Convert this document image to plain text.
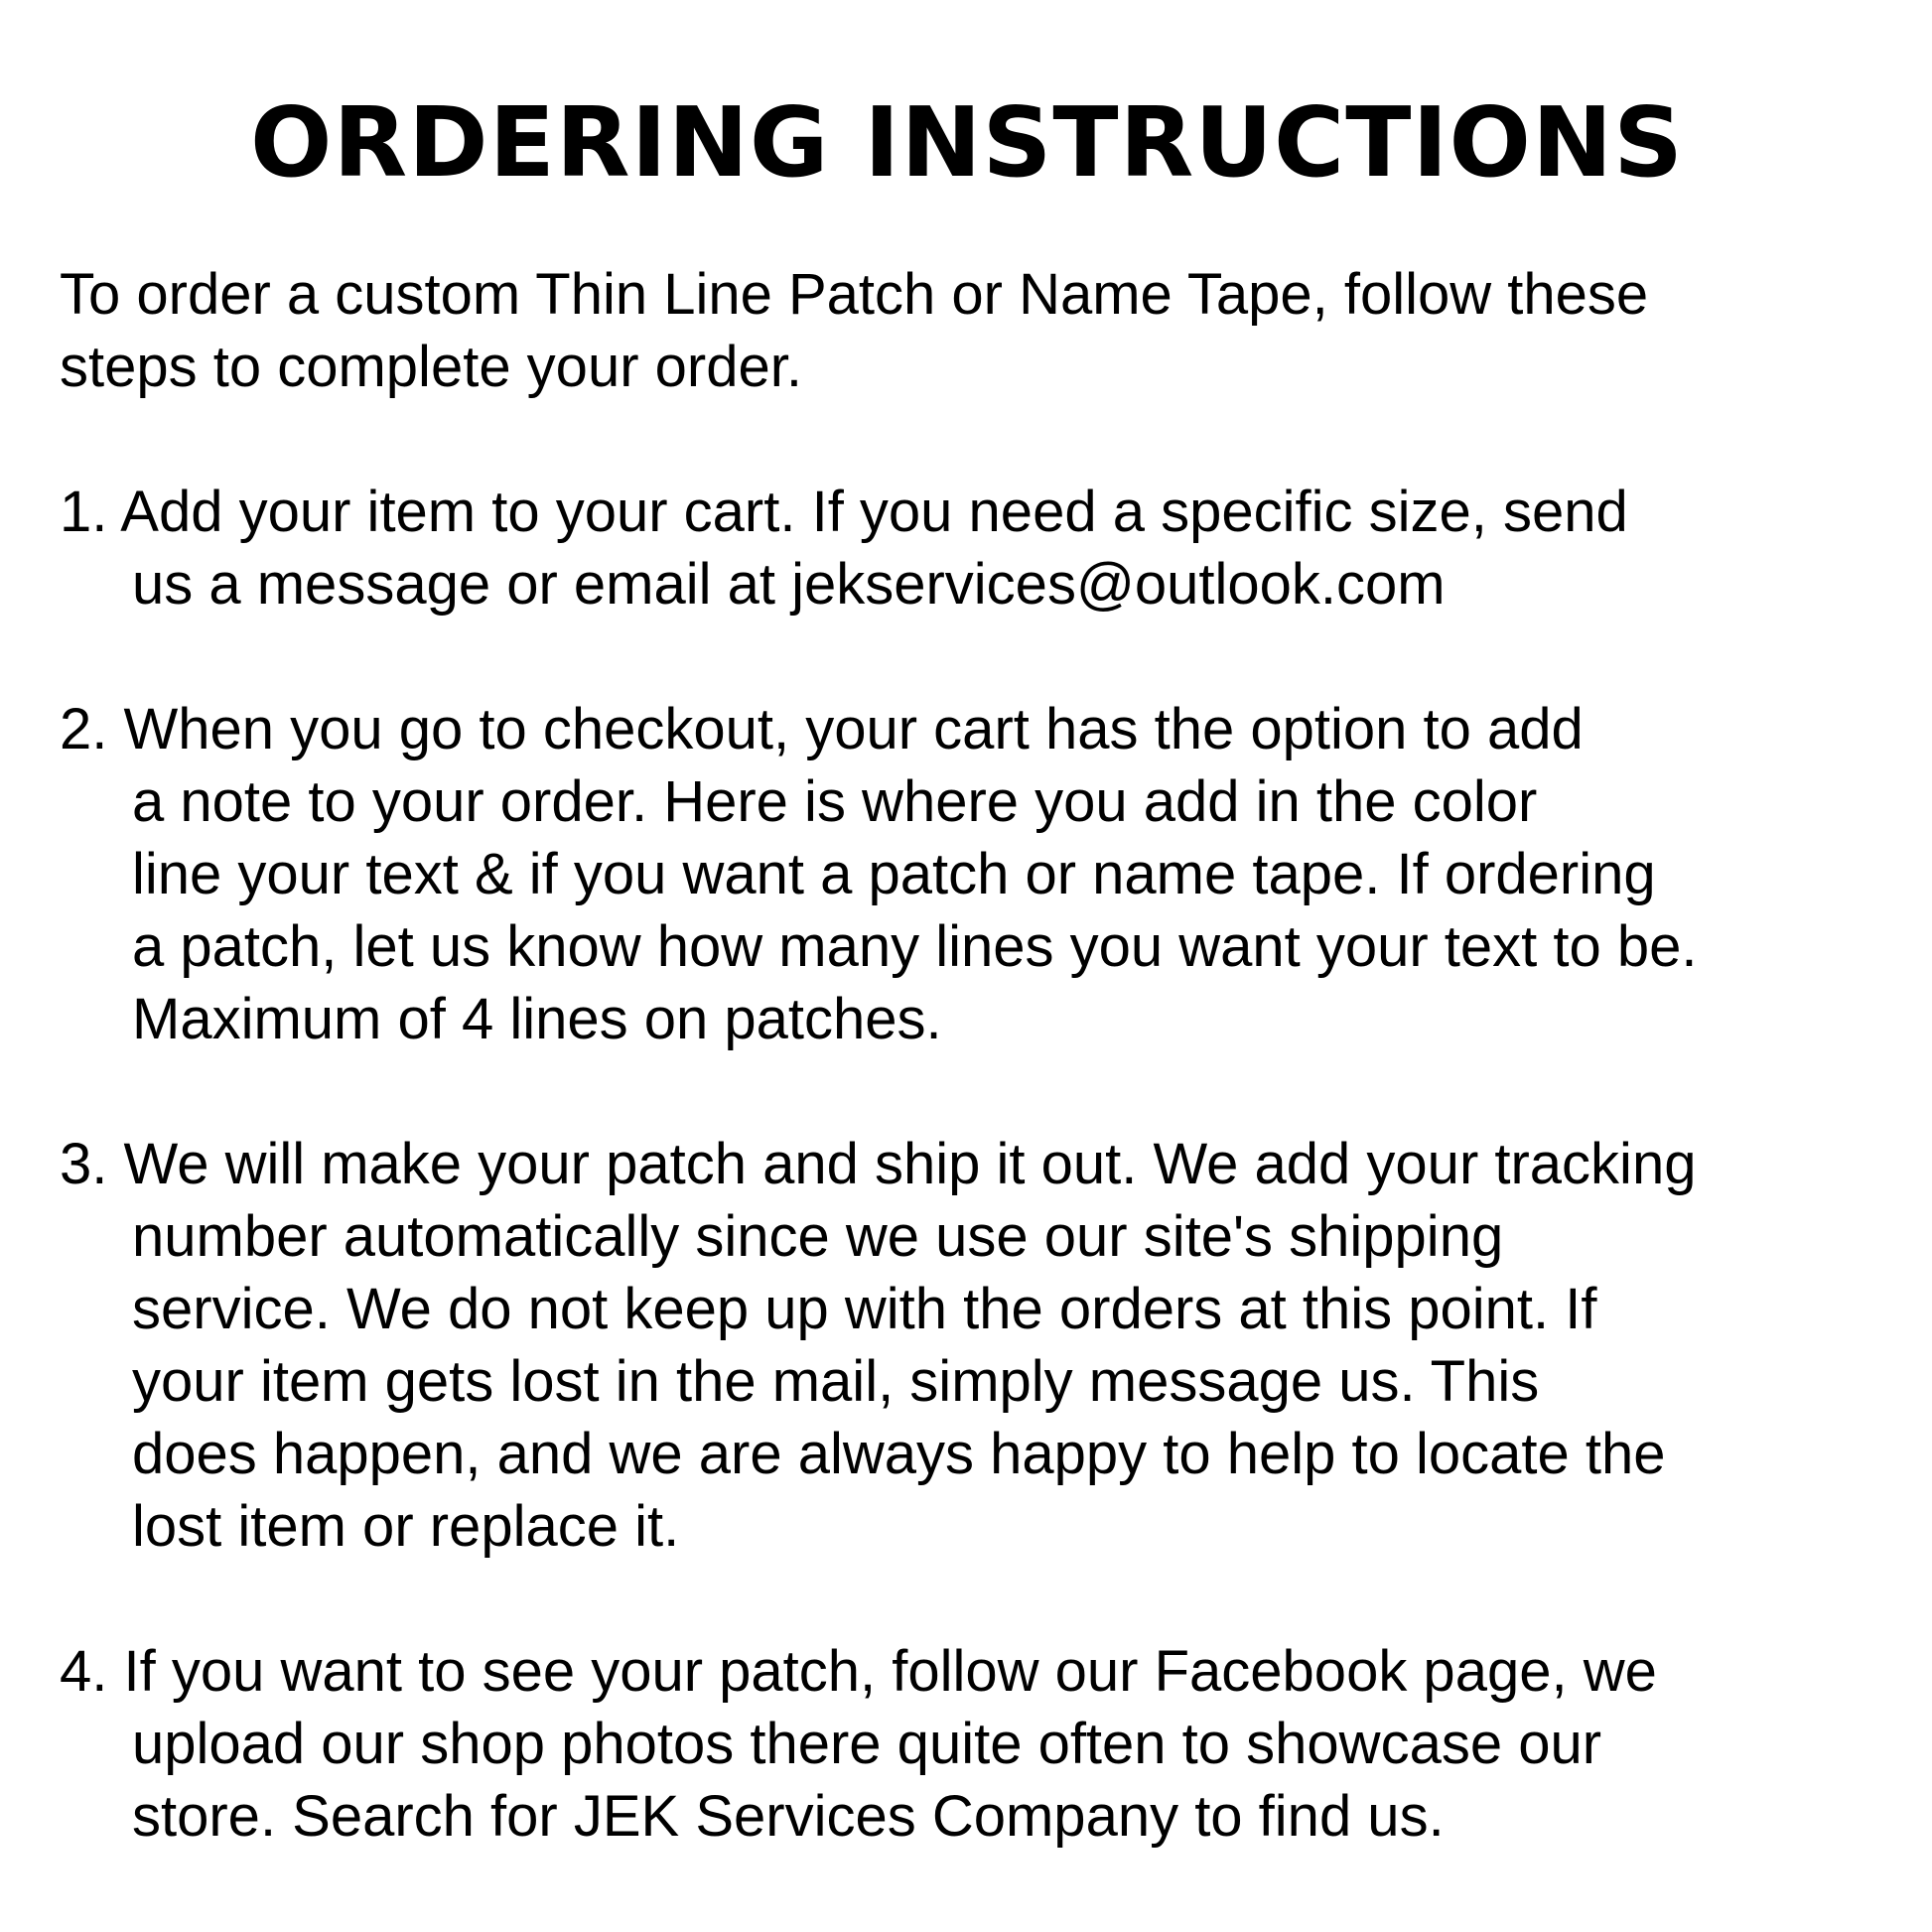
ORDERING INSTRUCTIONS

To order a custom Thin Line Patch or Name Tape, follow these
steps to complete your order.

1. Add your item to your cart. If you need a specific size, send
us a message or email at jekservices@outlook.com
2. When you go to checkout, your cart has the option to add
a note to your order. Here is where you add in the color
line your text & if you want a patch or name tape. If ordering
a patch, let us know how many lines you want your text to be.
Maximum of 4 lines on patches.
3. We will make your patch and ship it out. We add your tracking
number automatically since we use our site's shipping
service. We do not keep up with the orders at this point. If
your item gets lost in the mail, simply message us. This
does happen, and we are always happy to help to locate the
lost item or replace it.
4. If you want to see your patch, follow our Facebook page, we
upload our shop photos there quite often to showcase our
store. Search for JEK Services Company to find us.
